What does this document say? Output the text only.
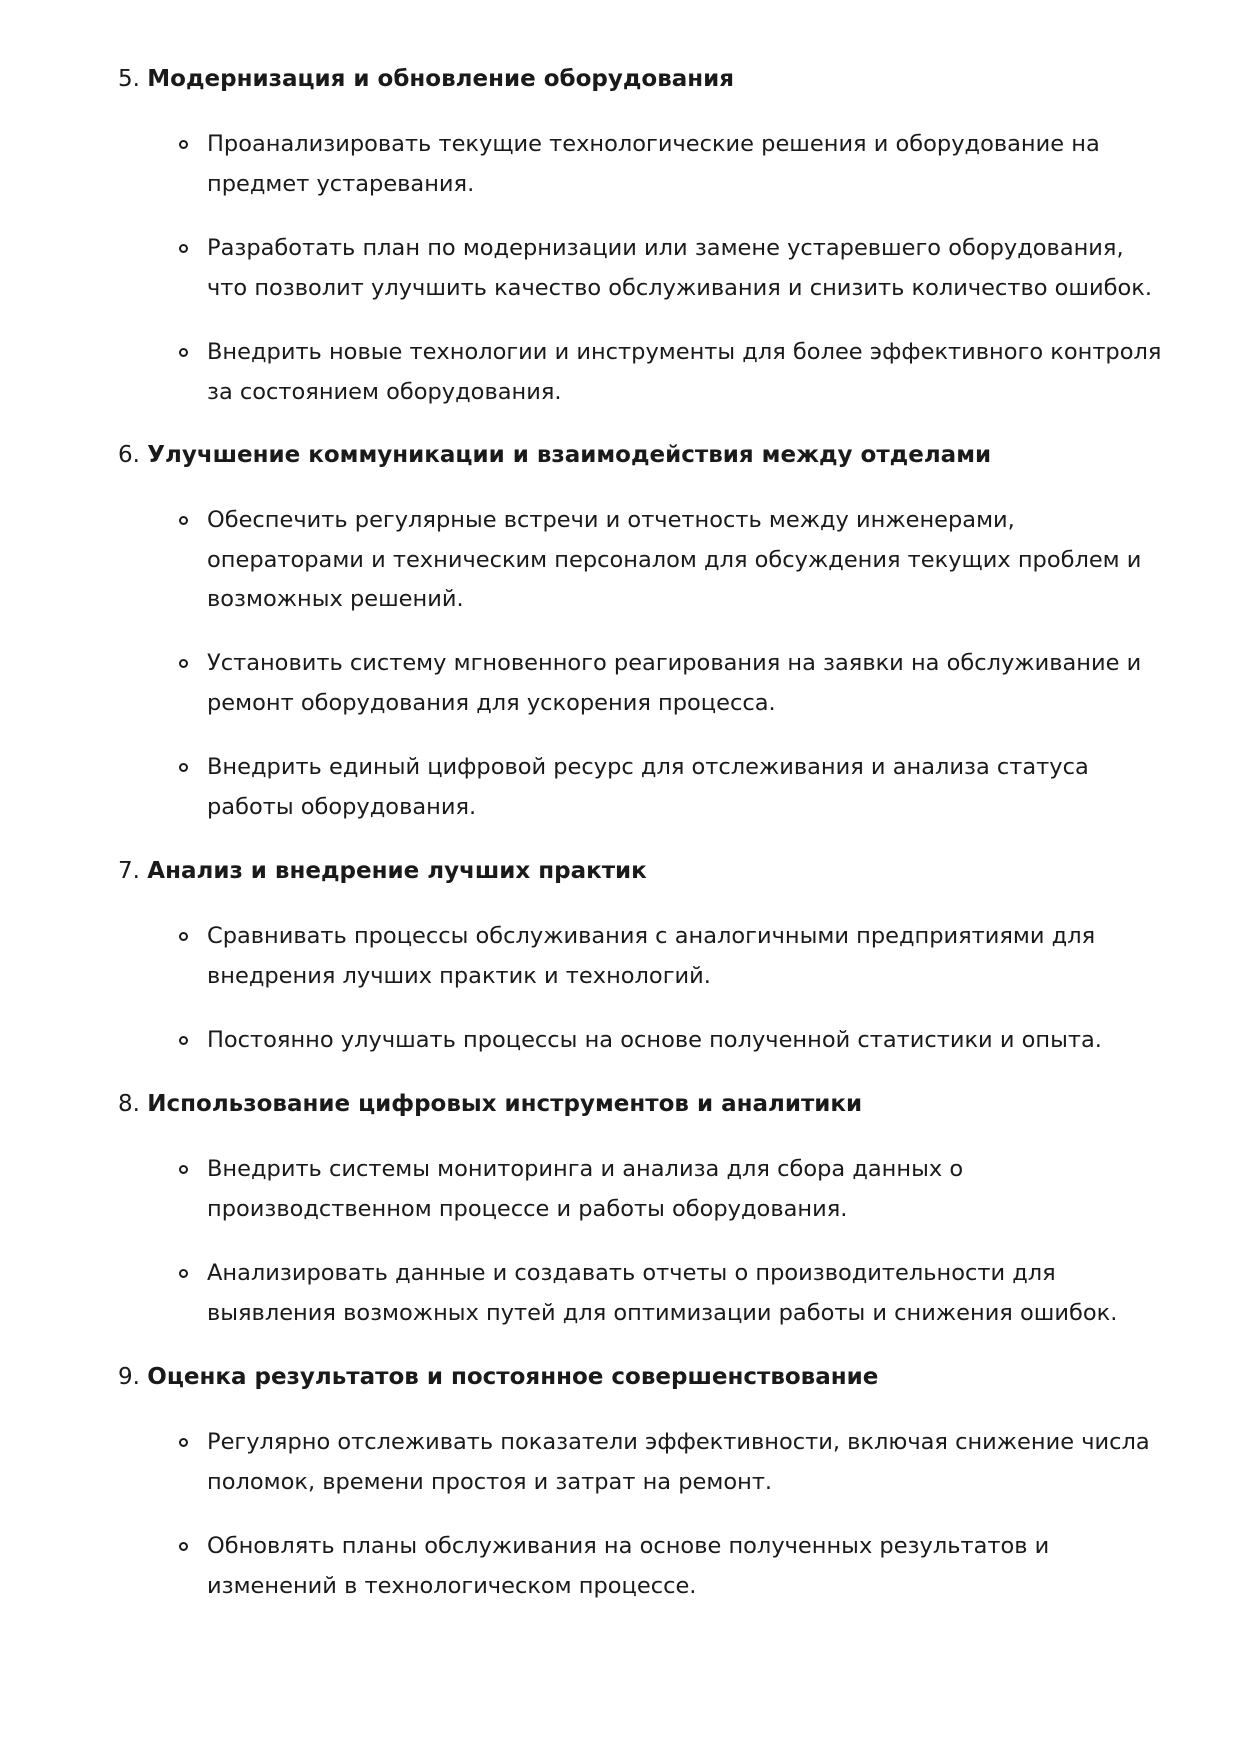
5. Модернизация и обновление оборудования
Проанализировать текущие технологические решения и оборудование на предмет устаревания.
Разработать план по модернизации или замене устаревшего оборудования, что позволит улучшить качество обслуживания и снизить количество ошибок.
Внедрить новые технологии и инструменты для более эффективного контроля за состоянием оборудования.
6. Улучшение коммуникации и взаимодействия между отделами
Обеспечить регулярные встречи и отчетность между инженерами, операторами и техническим персоналом для обсуждения текущих проблем и возможных решений.
Установить систему мгновенного реагирования на заявки на обслуживание и ремонт оборудования для ускорения процесса.
Внедрить единый цифровой ресурс для отслеживания и анализа статуса работы оборудования.
7. Анализ и внедрение лучших практик
Сравнивать процессы обслуживания с аналогичными предприятиями для внедрения лучших практик и технологий.
Постоянно улучшать процессы на основе полученной статистики и опыта.
8. Использование цифровых инструментов и аналитики
Внедрить системы мониторинга и анализа для сбора данных о производственном процессе и работы оборудования.
Анализировать данные и создавать отчеты о производительности для выявления возможных путей для оптимизации работы и снижения ошибок.
9. Оценка результатов и постоянное совершенствование
Регулярно отслеживать показатели эффективности, включая снижение числа поломок, времени простоя и затрат на ремонт.
Обновлять планы обслуживания на основе полученных результатов и изменений в технологическом процессе.
